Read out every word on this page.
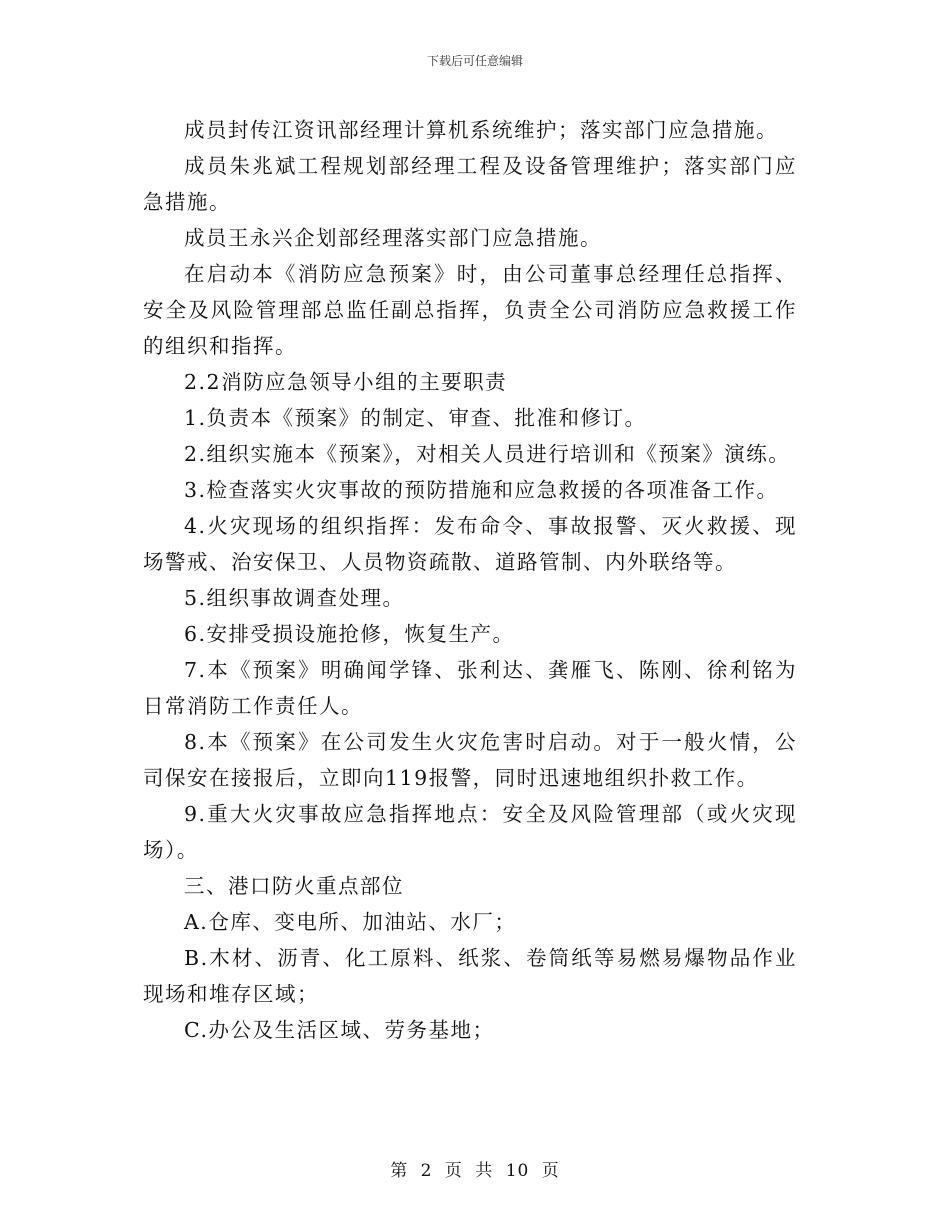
下载后可任意编辑

成员封传江资讯部经理计算机系统维护；落实部门应急措施。

成员朱兆斌工程规划部经理工程及设备管理维护；落实部门应急措施。

成员王永兴企划部经理落实部门应急措施。

在启动本《消防应急预案》时，由公司董事总经理任总指挥、安全及风险管理部总监任副总指挥，负责全公司消防应急救援工作的组织和指挥。

2.2消防应急领导小组的主要职责

1.负责本《预案》的制定、审查、批准和修订。

2.组织实施本《预案》，对相关人员进行培训和《预案》演练。

3.检查落实火灾事故的预防措施和应急救援的各项准备工作。

4.火灾现场的组织指挥：发布命令、事故报警、灭火救援、现场警戒、治安保卫、人员物资疏散、道路管制、内外联络等。

5.组织事故调查处理。

6.安排受损设施抢修，恢复生产。

7.本《预案》明确闻学锋、张利达、龚雁飞、陈刚、徐利铭为日常消防工作责任人。

8.本《预案》在公司发生火灾危害时启动。对于一般火情，公司保安在接报后，立即向119报警，同时迅速地组织扑救工作。

9.重大火灾事故应急指挥地点：安全及风险管理部（或火灾现场）。

三、港口防火重点部位

A.仓库、变电所、加油站、水厂；

B.木材、沥青、化工原料、纸浆、卷筒纸等易燃易爆物品作业现场和堆存区域；

C.办公及生活区域、劳务基地；

第 2 页 共 10 页
